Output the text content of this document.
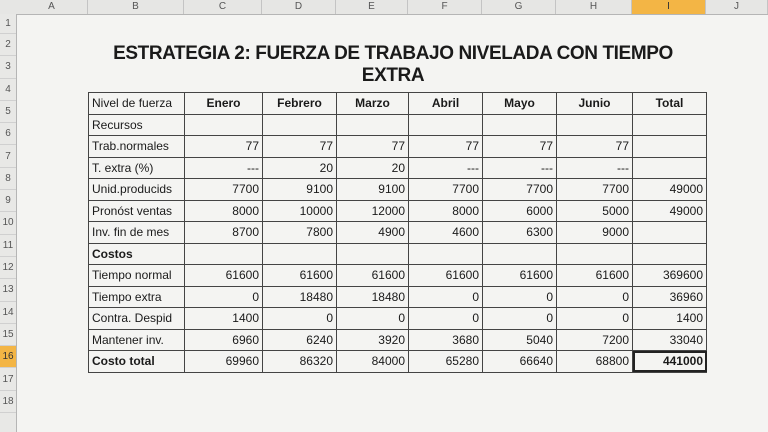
A	B	C	D	E	F	G	H	I	J
1
2
3
4
5
6
7
8
9
10
11
12
13
14
15
16
17
18
ESTRATEGIA 2: FUERZA DE TRABAJO NIVELADA CON TIEMPO EXTRA
Nivel de fuerza	Enero	Febrero	Marzo	Abril	Mayo	Junio	Total
Recursos							
Trab.normales	77	77	77	77	77	77	
T. extra (%)	---	20	20	---	---	---	
Unid.producids	7700	9100	9100	7700	7700	7700	49000
Pronóst ventas	8000	10000	12000	8000	6000	5000	49000
Inv. fin de mes	8700	7800	4900	4600	6300	9000	
Costos							
Tiempo normal	61600	61600	61600	61600	61600	61600	369600
Tiempo extra	0	18480	18480	0	0	0	36960
Contra. Despid	1400	0	0	0	0	0	1400
Mantener inv.	6960	6240	3920	3680	5040	7200	33040
Costo total	69960	86320	84000	65280	66640	68800	441000
